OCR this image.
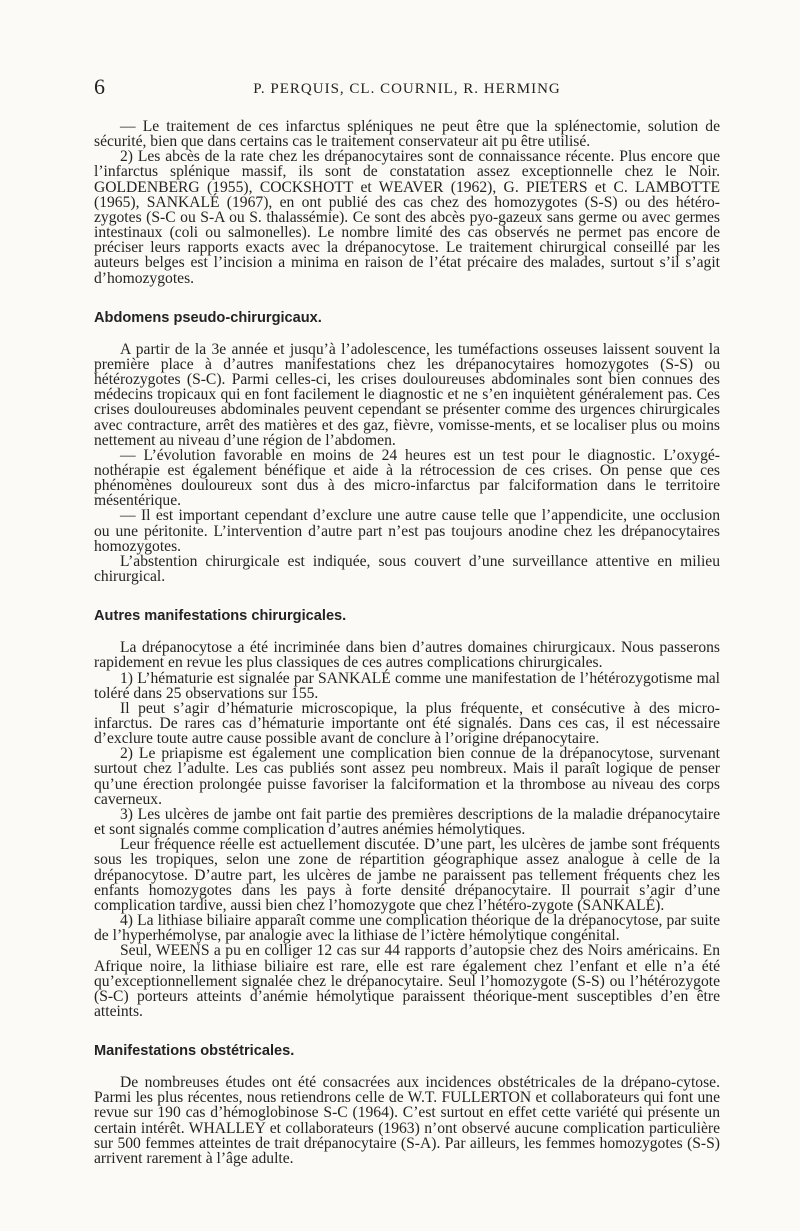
6	P. PERQUIS, CL. COURNIL, R. HERMING

— Le traitement de ces infarctus spléniques ne peut être que la splénectomie, solution de sécurité, bien que dans certains cas le traitement conservateur ait pu être utilisé.

2) Les abcès de la rate chez les drépanocytaires sont de connaissance récente. Plus encore que l’infarctus splénique massif, ils sont de constatation assez exceptionnelle chez le Noir. GOLDENBERG (1955), COCKSHOTT et WEAVER (1962), G. PIETERS et C. LAMBOTTE (1965), SANKALÉ (1967), en ont publié des cas chez des homozygotes (S-S) ou des hétéro-zygotes (S-C ou S-A ou S. thalassémie). Ce sont des abcès pyo-gazeux sans germe ou avec germes intestinaux (coli ou salmonelles). Le nombre limité des cas observés ne permet pas encore de préciser leurs rapports exacts avec la drépanocytose. Le traitement chirurgical conseillé par les auteurs belges est l’incision a minima en raison de l’état précaire des malades, surtout s’il s’agit d’homozygotes.

Abdomens pseudo-chirurgicaux.

A partir de la 3e année et jusqu’à l’adolescence, les tuméfactions osseuses laissent souvent la première place à d’autres manifestations chez les drépanocytaires homozygotes (S-S) ou hétérozygotes (S-C). Parmi celles-ci, les crises douloureuses abdominales sont bien connues des médecins tropicaux qui en font facilement le diagnostic et ne s’en inquiètent généralement pas. Ces crises douloureuses abdominales peuvent cependant se présenter comme des urgences chirurgicales avec contracture, arrêt des matières et des gaz, fièvre, vomisse-ments, et se localiser plus ou moins nettement au niveau d’une région de l’abdomen.

— L’évolution favorable en moins de 24 heures est un test pour le diagnostic. L’oxygé-nothérapie est également bénéfique et aide à la rétrocession de ces crises. On pense que ces phénomènes douloureux sont dus à des micro-infarctus par falciformation dans le territoire mésentérique.

— Il est important cependant d’exclure une autre cause telle que l’appendicite, une occlusion ou une péritonite. L’intervention d’autre part n’est pas toujours anodine chez les drépanocytaires homozygotes.

L’abstention chirurgicale est indiquée, sous couvert d’une surveillance attentive en milieu chirurgical.

Autres manifestations chirurgicales.

La drépanocytose a été incriminée dans bien d’autres domaines chirurgicaux. Nous passerons rapidement en revue les plus classiques de ces autres complications chirurgicales.

1) L’hématurie est signalée par SANKALÉ comme une manifestation de l’hétérozygotisme mal toléré dans 25 observations sur 155.

Il peut s’agir d’hématurie microscopique, la plus fréquente, et consécutive à des micro-infarctus. De rares cas d’hématurie importante ont été signalés. Dans ces cas, il est nécessaire d’exclure toute autre cause possible avant de conclure à l’origine drépanocytaire.

2) Le priapisme est également une complication bien connue de la drépanocytose, survenant surtout chez l’adulte. Les cas publiés sont assez peu nombreux. Mais il paraît logique de penser qu’une érection prolongée puisse favoriser la falciformation et la thrombose au niveau des corps caverneux.

3) Les ulcères de jambe ont fait partie des premières descriptions de la maladie drépanocytaire et sont signalés comme complication d’autres anémies hémolytiques.

Leur fréquence réelle est actuellement discutée. D’une part, les ulcères de jambe sont fréquents sous les tropiques, selon une zone de répartition géographique assez analogue à celle de la drépanocytose. D’autre part, les ulcères de jambe ne paraissent pas tellement fréquents chez les enfants homozygotes dans les pays à forte densité drépanocytaire. Il pourrait s’agir d’une complication tardive, aussi bien chez l’homozygote que chez l’hétéro-zygote (SANKALÉ).

4) La lithiase biliaire apparaît comme une complication théorique de la drépanocytose, par suite de l’hyperhémolyse, par analogie avec la lithiase de l’ictère hémolytique congénital.

Seul, WEENS a pu en colliger 12 cas sur 44 rapports d’autopsie chez des Noirs américains. En Afrique noire, la lithiase biliaire est rare, elle est rare également chez l’enfant et elle n’a été qu’exceptionnellement signalée chez le drépanocytaire. Seul l’homozygote (S-S) ou l’hétérozygote (S-C) porteurs atteints d’anémie hémolytique paraissent théorique-ment susceptibles d’en être atteints.

Manifestations obstétricales.

De nombreuses études ont été consacrées aux incidences obstétricales de la drépano-cytose. Parmi les plus récentes, nous retiendrons celle de W.T. FULLERTON et collaborateurs qui font une revue sur 190 cas d’hémoglobinose S-C (1964). C’est surtout en effet cette variété qui présente un certain intérêt. WHALLEY et collaborateurs (1963) n’ont observé aucune complication particulière sur 500 femmes atteintes de trait drépanocytaire (S-A). Par ailleurs, les femmes homozygotes (S-S) arrivent rarement à l’âge adulte.
